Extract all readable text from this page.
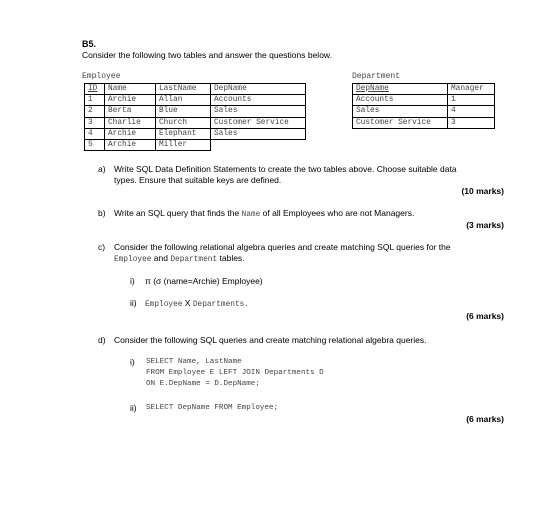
B5.
Consider the following two tables and answer the questions below.
Employee
ID	Name	LastName	DepName
1	Archie	Allan	Accounts
2	Berta	Blue	Sales
3	Charlie	Church	Customer Service
4	Archie	Elephant	Sales
5	Archie	Miller	
Department
DepName	Manager
Accounts	1
Sales	4
Customer Service	3
a) Write SQL Data Definition Statements to create the two tables above. Choose suitable data
types. Ensure that suitable keys are defined.
(10 marks)
b) Write an SQL query that finds the Name of all Employees who are not Managers.
(3 marks)
c) Consider the following relational algebra queries and create matching SQL queries for the
Employee and Department tables.
i) π (σ (name=Archie) Employee)
ii) Employee X Departments.
(6 marks)
d) Consider the following SQL queries and create matching relational algebra queries.
i) SELECT Name, LastName
FROM Employee E LEFT JOIN Departments D
ON E.DepName = D.DepName;
ii) SELECT DepName FROM Employee;
(6 marks)
